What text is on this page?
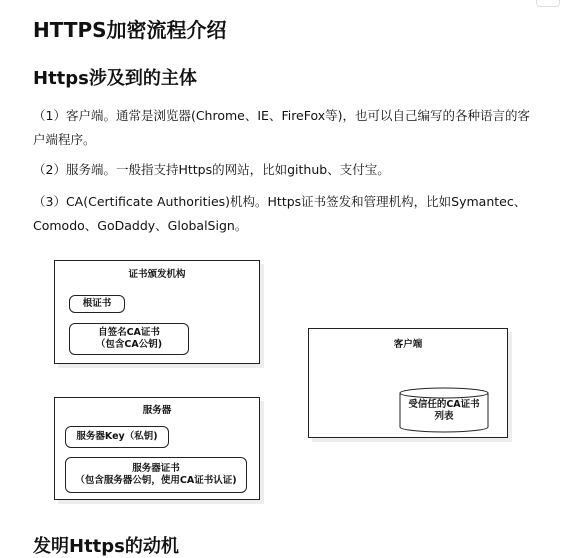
HTTPS加密流程介绍
Https涉及到的主体
（1）客户端。通常是浏览器(Chrome、IE、FireFox等)，也可以自己编写的各种语言的客户端程序。
（2）服务端。一般指支持Https的网站，比如github、支付宝。
（3）CA(Certificate Authorities)机构。Https证书签发和管理机构，比如Symantec、Comodo、GoDaddy、GlobalSign。
证书颁发机构
根证书
自签名CA证书
（包含CA公钥)
服务器
服务器Key（私钥)
服务器证书
（包含服务器公钥，使用CA证书认证)
客户端
受信任的CA证书
列表
发明Https的动机
